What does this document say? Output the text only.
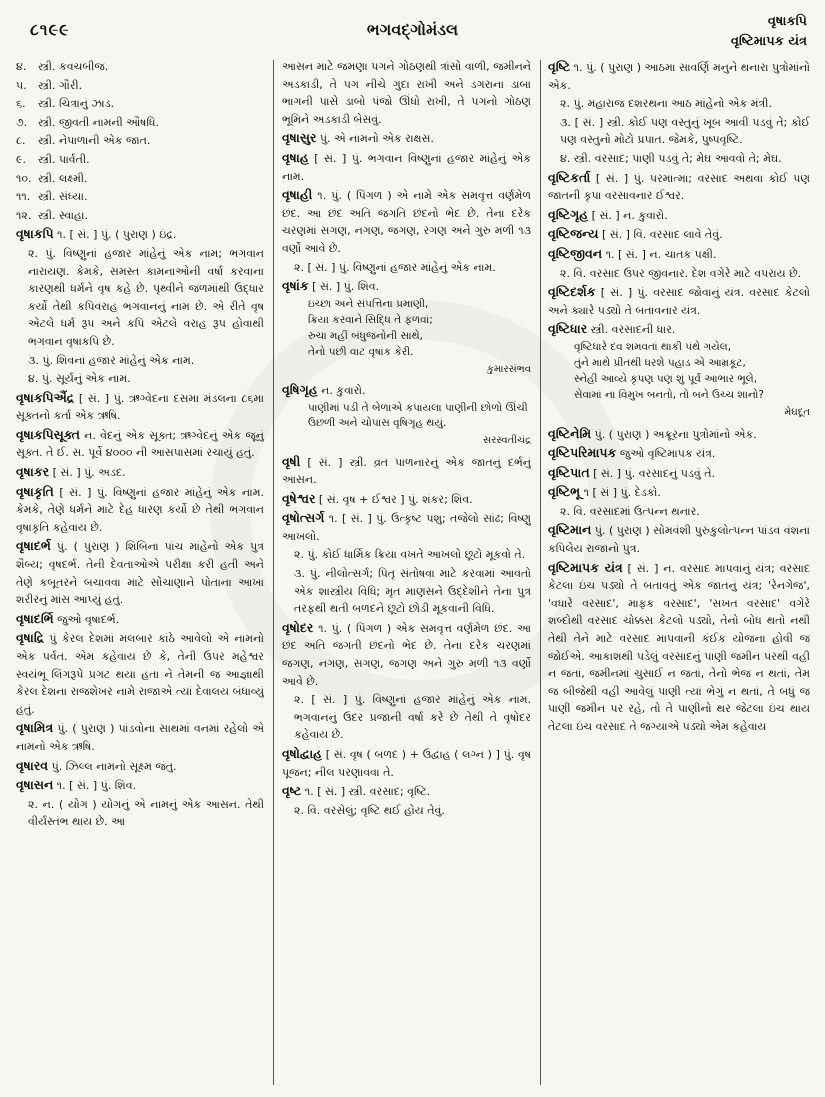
૮૧૯૯	ભગવદ્ગોમંડલ	વૃષાકપિ
વૃષ્ટિમાપક યંત્ર
૪. સ્ત્રી. કવચબીજ.
૫. સ્ત્રી. ગૌરી.
૬. સ્ત્રી. ચિત્રાનું ઝાડ.
૭. સ્ત્રી. જીવતી નામની ઔષધિ.
૮. સ્ત્રી. નેપાળાની એક જાત.
૯. સ્ત્રી. પાર્વતી.
૧૦. સ્ત્રી. લક્ષ્મી.
૧૧. સ્ત્રી. સંધ્યા.
૧૨. સ્ત્રી. સ્વાહા.
વૃષાકપિ ૧. [ સં. ] પું. ( પુરાણ ) ઇંદ્ર.
૨. પું. વિષ્ણુનાં હજાર માંહેનું એક નામ; ભગવાન નારાયણ. કેમકે, સમસ્ત કામનાઓની વર્ષા કરવાના કારણથી ધર્મને વૃષ કહે છે. પૃથ્વીને જળમાંથી ઉદ્ધાર કર્યો તેથી કપિવરાહ ભગવાનનું નામ છે. એ રીતે વૃષ એટલે ધર્મ રૂપ અને કપિ એટલે વરાહ રૂપ હોવાથી ભગવાન વૃષાકપિ છે.
૩. પું. શિવનાં હજાર માંહેનું એક નામ.
૪. પું. સૂર્યનું એક નામ.
વૃષાકપિઐંદ્ર [ સં. ] પું. ઋગ્વેદના દસમા મંડલના ૮૬મા સૂક્તનો કર્તા એક ઋષિ.
વૃષાકપિસૂક્ત ન. વેદનું એક સૂક્ત; ઋગ્વેદનું એક જૂનું સૂક્ત. તે ઈ. સ. પૂર્વે ૪૦૦૦ ની આસપાસમાં રચાયું હતું.
વૃષાકર [ સં. ] પું. અડદ.
વૃષાકૃતિ [ સં. ] પું. વિષ્ણુનાં હજાર માંહેનું એક નામ. કેમકે, તેણે ધર્મને માટે દેહ ધારણ કર્યો છે તેથી ભગવાન વૃષાકૃતિ કહેવાય છે.
વૃષાદર્ભ પું. ( પુરાણ ) શિબિના પાંચ માંહેનો એક પુત્ર શૈબ્ય; વૃષદર્ભ. તેની દેવતાઓએ પરીક્ષા કરી હતી અને તેણે કબૂતરને બચાવવા માટે સોંચાણાને પોતાના આખા શરીરનું માંસ આપ્યું હતું.
વૃષાદર્ભિ જુઓ વૃષાદર્ભ.
વૃષાદ્રિ પું કેરલ દેશમાં મલબાર કાંઠે આવેલો એ નામનો એક પર્વત. એમ કહેવાય છે કે, તેની ઉપર મહેશ્વર સ્વયંભૂ લિંગરૂપે પ્રગટ થયા હતા ને તેમની જ આજ્ઞાથી કેરલ દેશના રાજશેખર નામે રાજાએ ત્યાં દેવાલય બંધાવ્યું હતું.
વૃષામિત્ર પું. ( પુરાણ ) પાંડવોના સાથમાં વનમાં રહેલો એ નામનો એક ઋષિ.
વૃષારવ પું. ઝિલ્લ નામનો સૂક્ષ્મ જંતુ.
વૃષાસન ૧. [ સં. ] પું. શિવ.
૨. ન. ( યોગ ) યોગનું એ નામનું એક આસન. તેથી વીર્યસ્તંભ થાય છે. આ
આસન માટે જમણા પગને ગોઠણથી ત્રાંસો વાળી, જમીનને અડકાડી, તે પગ નીચે ગુદા રાખી અને ડગરાના ડાબા ભાગની પાસે ડાબો પંજો ઊંધો રાખી, તે પગનો ગોઠણ ભૂમિને અડકાડી બેસવું.
વૃષાસુર પું. એ નામનો એક રાક્ષસ.
વૃષાહ [ સં. ] પું. ભગવાન વિષ્ણુનાં હજાર માંહેનું એક નામ.
વૃષાહી ૧. પું. ( પિંગળ ) એ નામે એક સમવૃત્ત વર્ણમેળ છંદ. આ છંદ અતિ જગતિ છંદનો ભેદ છે. તેના દરેક ચરણમાં સગણ, નગણ, જગણ, રગણ અને ગુરુ મળી ૧૩ વર્ણો આવે છે.
૨. [ સં. ] પું. વિષ્ણુનાં હજાર માંહેનું એક નામ.
વૃષાંક [ સં. ] પું. શિવ.
ઇચ્છા અને સંપત્તિના પ્રમાણી,
ક્રિયા કરવાને સિદ્ધિ તે ફળવાં;
રુચા મહીં બંધુજનોની સાથે,
તેનો પછી વાટ વૃષાંક કેરી.
કુમારસંભવ
વૃષિગૃહ ન. કુવારો.
પાણીમાં પડી તે બેળાએ કપાયલા પાણીની છોળો ઊંચી ઉછળી અને ચોપાસ વૃષિગૃહ થયું.
સરસ્વતીચંદ્ર
વૃષી [ સં. ] સ્ત્રી. વ્રત પાળનારનું એક જાતનું દર્ભનું આસન.
વૃષેશ્વર [ સં. વૃષ + ઈશ્વર ] પું. શંકર; શિવ.
વૃષોત્સર્ગ ૧. [ સં. ] પું. ઉત્કૃષ્ટ પશુ; તજેલો સાંઢ; વિષ્ણુ આખલો.
૨. પું. કોઈ ધાર્મિક ક્રિયા વખતે આખલો છૂટો મૂકવો તે.
૩. પું. નીલોત્સર્ગ; પિતૃ સંતોષવા માટે કરવામાં આવતો એક શાસ્ત્રીય વિધિ; મૃત માણસને ઉદ્દેશીને તેના પુત્ર તરફથી થતી બળદને છૂટો છોડી મૂકવાની વિધિ.
વૃષોદર ૧. પું. ( પિંગળ ) એક સમવૃત્ત વર્ણમેળ છંદ. આ છંદ અતિ જગતી છંદનો ભેદ છે. તેના દરેક ચરણમાં જગણ, નગણ, સગણ, જગણ અને ગુરુ મળી ૧૩ વર્ણો આવે છે.
૨. [ સં. ] પું. વિષ્ણુનાં હજાર માંહેનું એક નામ. ભગવાનનું ઉદર પ્રજાની વર્ષા કરે છે તેથી તે વૃષોદર કહેવાય છે.
વૃષોદ્વાહ [ સં. વૃષ ( બળદ ) + ઉદ્વાહ ( લગ્ન ) ] પું. વૃષ પૂજન; નીલ પરણાવવા તે.
વૃષ્ટ ૧. [ સં. ] સ્ત્રી. વરસાદ; વૃષ્ટિ.
૨. વિ. વરસેલું; વૃષ્ટિ થઈ હોય તેવું.
વૃષ્ટિ ૧. પું. ( પુરાણ ) આઠમા સાવર્ણિ મનુને થનારા પુત્રોમાંનો એક.
૨. પું. મહારાજ દશરથના આઠ માંહેનો એક મંત્રી.
૩. [ સં. ] સ્ત્રી. કોઈ પણ વસ્તુનું ખૂબ આવી પડવું તે; કોઈ પણ વસ્તુનો મોટો પ્રપાત. જેમકે, પુષ્પવૃષ્ટિ.
૪. સ્ત્રી. વરસાદ; પાણી પડવું તે; મેઘ આવવો તે; મેઘ.
વૃષ્ટિકર્તા [ સં. ] પું. પરમાત્મા; વરસાદ અથવા કોઈ પણ જાતની કૃપા વરસાવનાર ઈશ્વર.
વૃષ્ટિગૃહ [ સં. ] ન. કુવારો.
વૃષ્ટિજન્ય [ સં. ] વિ. વરસાદ લાવે તેવું.
વૃષ્ટિજીવન ૧. [ સં. ] ન. ચાતક પક્ષી.
૨. વિ. વરસાદ ઉપર જીવનાર. દેશ વગેરે માટે વપરાય છે.
વૃષ્ટિદર્શક [ સં. ] પું. વરસાદ જોવાનું યંત્ર. વરસાદ કેટલો અને ક્યારે પડ્યો તે બતાવનાર યંત્ર.
વૃષ્ટિધાર સ્ત્રી. વરસાદની ધાર.
વૃષ્ટિધારે દવ શમવતાં થાકી પંથે ગયેલ,
તુંને માથે પ્રીતથી ધરશે પહાડ એ આમ્રકૂટ,
સ્નેહી આવ્યે કૃપણ પણ શું પૂર્વ આભાર ભૂલે,
સેવામાં ના વિમુખ બનતો, તો બને ઉચ્ચ શાનો?
મેઘદૂત
વૃષ્ટિનેમિ પું. ( પુરાણ ) અક્રૂરના પુત્રોમાંનો એક.
વૃષ્ટિપરિમાપક જુઓ વૃષ્ટિમાપક યંત્ર.
વૃષ્ટિપાત [ સં. ] પું. વરસાદનું પડવું તે.
વૃષ્ટિભૂ ૧ [ સં ] પું. દેડકો.
૨. વિ. વરસાદમાં ઉત્પન્ન થનાર.
વૃષ્ટિમાન પું. ( પુરાણ ) સોમવંશી પુરુકુલોત્પન્ન પાંડવ વંશના કપિલેય રાજાનો પુત્ર.
વૃષ્ટિમાપક યંત્ર [ સં. ] ન. વરસાદ માપવાનું યંત્ર; વરસાદ કેટલા ઇંચ પડ્યો તે બતાવતું એક જાતનું યંત્ર; 'રેનગેજ', 'વધારે વરસાદ', માફક વરસાદ', 'સખત વરસાદ' વગેરે શબ્દોથી વરસાદ ચોક્કસ કેટલો પડ્યો, તેનો બોધ થતો નથી તેથી તેને માટે વરસાદ માપવાની કંઈક યોજના હોવી જ જોઈએ. આકાશથી પડેલું વરસાદનું પાણી જમીન પરથી વહી ન જતાં, જમીનમાં ચુસાઈ ન જતાં, તેનો ભેજ ન થતાં, તેમ જ બીજેથી વહી આવેલું પાણી ત્યાં ભેગું ન થતાં, તે બધું જ પાણી જમીન પર રહે, તો તે પાણીનો થર જેટલા ઇંચ થાય તેટલા ઇંચ વરસાદ તે જગ્યાએ પડ્યો એમ કહેવાય
